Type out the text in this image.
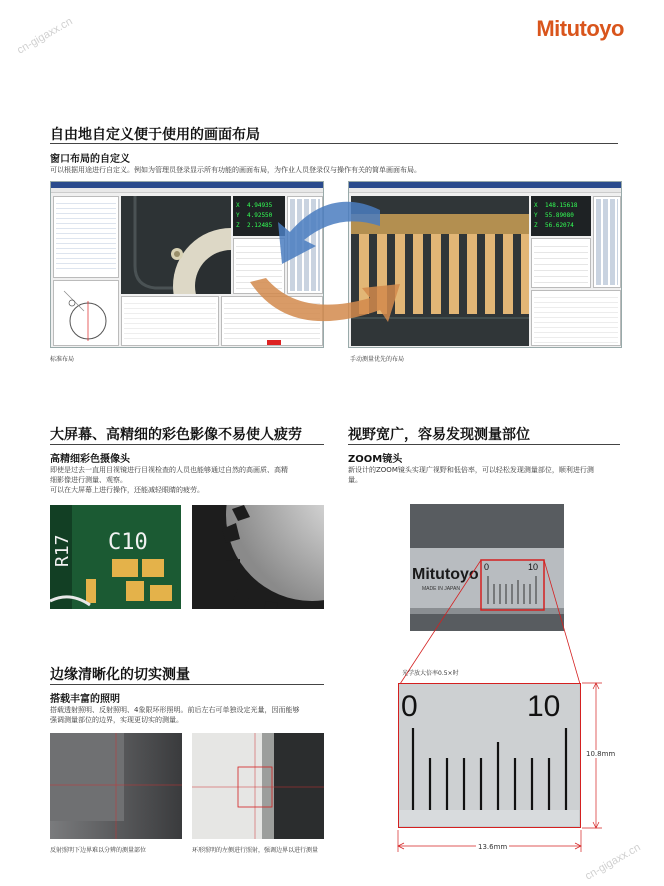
Mitutoyo
cn-gigaxx.cn
cn-gigaxx.cn
自由地自定义便于使用的画面布局
窗口布局的自定义
可以根据用途进行自定义。例如为管理员登录显示所有功能的画面布局，为作业人员登录仅与操作有关的简单画面布局。
X 4.94935
Y 4.92550
Z 2.12485
标准布局
X 148.15618
Y 55.89080
Z 56.62074
手动测量优先的布局
大屏幕、高精细的彩色影像不易使人疲劳
高精细彩色摄像头
即使是过去一直用目视镜进行目视检查的人员也能够通过自然的高画质、高精
细影像进行测量、观察。
可以在大屏幕上进行操作，还能减轻眼睛的疲劳。
C10
R17
视野宽广，容易发现测量部位
ZOOM镜头
新设计的ZOOM镜头实现广视野和低倍率，可以轻松发现测量部位，顺利进行测
量。
Mitutoyo
MADE IN JAPAN
0	10
光学放大倍率0.5×时
0	10
10.8mm
13.6mm
边缘清晰化的切实测量
搭载丰富的照明
搭载透射照明、反射照明、4象限环形照明。前后左右可单独设定光量，因而能够
强调测量部位的边界，实现更切实的测量。
反射照明下边界难以分辨的测量部位	环形照明的左侧进行照射，强调边界以进行测量
